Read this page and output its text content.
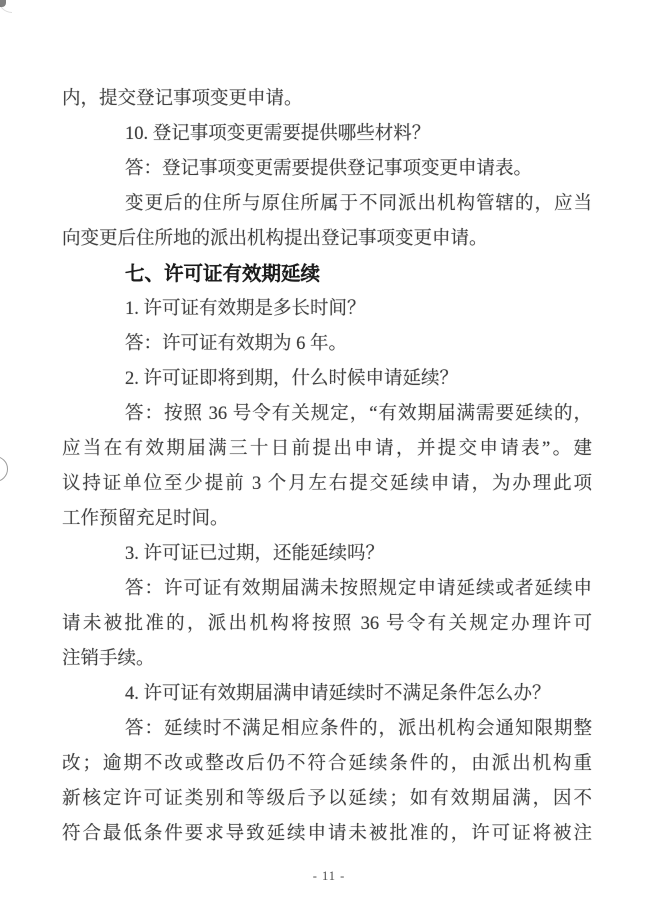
内，提交登记事项变更申请。
10. 登记事项变更需要提供哪些材料？
答：登记事项变更需要提供登记事项变更申请表。
变更后的住所与原住所属于不同派出机构管辖的，应当
向变更后住所地的派出机构提出登记事项变更申请。
七、许可证有效期延续
1. 许可证有效期是多长时间？
答：许可证有效期为 6 年。
2. 许可证即将到期，什么时候申请延续？
答：按照 36 号令有关规定，“有效期届满需要延续的，
应当在有效期届满三十日前提出申请，并提交申请表”。建
议持证单位至少提前 3 个月左右提交延续申请，为办理此项
工作预留充足时间。
3. 许可证已过期，还能延续吗？
答：许可证有效期届满未按照规定申请延续或者延续申
请未被批准的，派出机构将按照 36 号令有关规定办理许可
注销手续。
4. 许可证有效期届满申请延续时不满足条件怎么办？
答：延续时不满足相应条件的，派出机构会通知限期整
改；逾期不改或整改后仍不符合延续条件的，由派出机构重
新核定许可证类别和等级后予以延续；如有效期届满，因不
符合最低条件要求导致延续申请未被批准的，许可证将被注
- 11 -
